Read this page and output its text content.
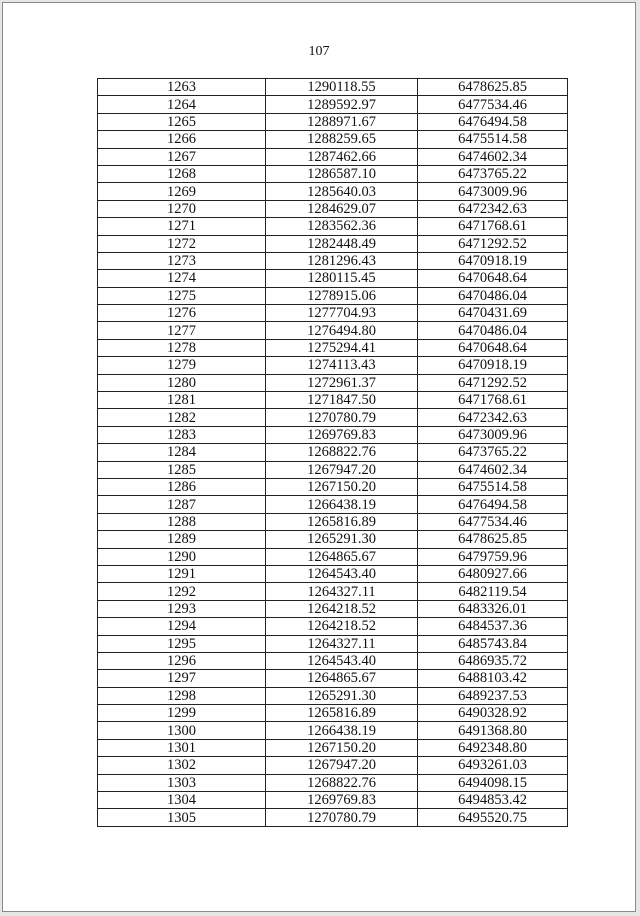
107
1263	1290118.55	6478625.85
1264	1289592.97	6477534.46
1265	1288971.67	6476494.58
1266	1288259.65	6475514.58
1267	1287462.66	6474602.34
1268	1286587.10	6473765.22
1269	1285640.03	6473009.96
1270	1284629.07	6472342.63
1271	1283562.36	6471768.61
1272	1282448.49	6471292.52
1273	1281296.43	6470918.19
1274	1280115.45	6470648.64
1275	1278915.06	6470486.04
1276	1277704.93	6470431.69
1277	1276494.80	6470486.04
1278	1275294.41	6470648.64
1279	1274113.43	6470918.19
1280	1272961.37	6471292.52
1281	1271847.50	6471768.61
1282	1270780.79	6472342.63
1283	1269769.83	6473009.96
1284	1268822.76	6473765.22
1285	1267947.20	6474602.34
1286	1267150.20	6475514.58
1287	1266438.19	6476494.58
1288	1265816.89	6477534.46
1289	1265291.30	6478625.85
1290	1264865.67	6479759.96
1291	1264543.40	6480927.66
1292	1264327.11	6482119.54
1293	1264218.52	6483326.01
1294	1264218.52	6484537.36
1295	1264327.11	6485743.84
1296	1264543.40	6486935.72
1297	1264865.67	6488103.42
1298	1265291.30	6489237.53
1299	1265816.89	6490328.92
1300	1266438.19	6491368.80
1301	1267150.20	6492348.80
1302	1267947.20	6493261.03
1303	1268822.76	6494098.15
1304	1269769.83	6494853.42
1305	1270780.79	6495520.75
